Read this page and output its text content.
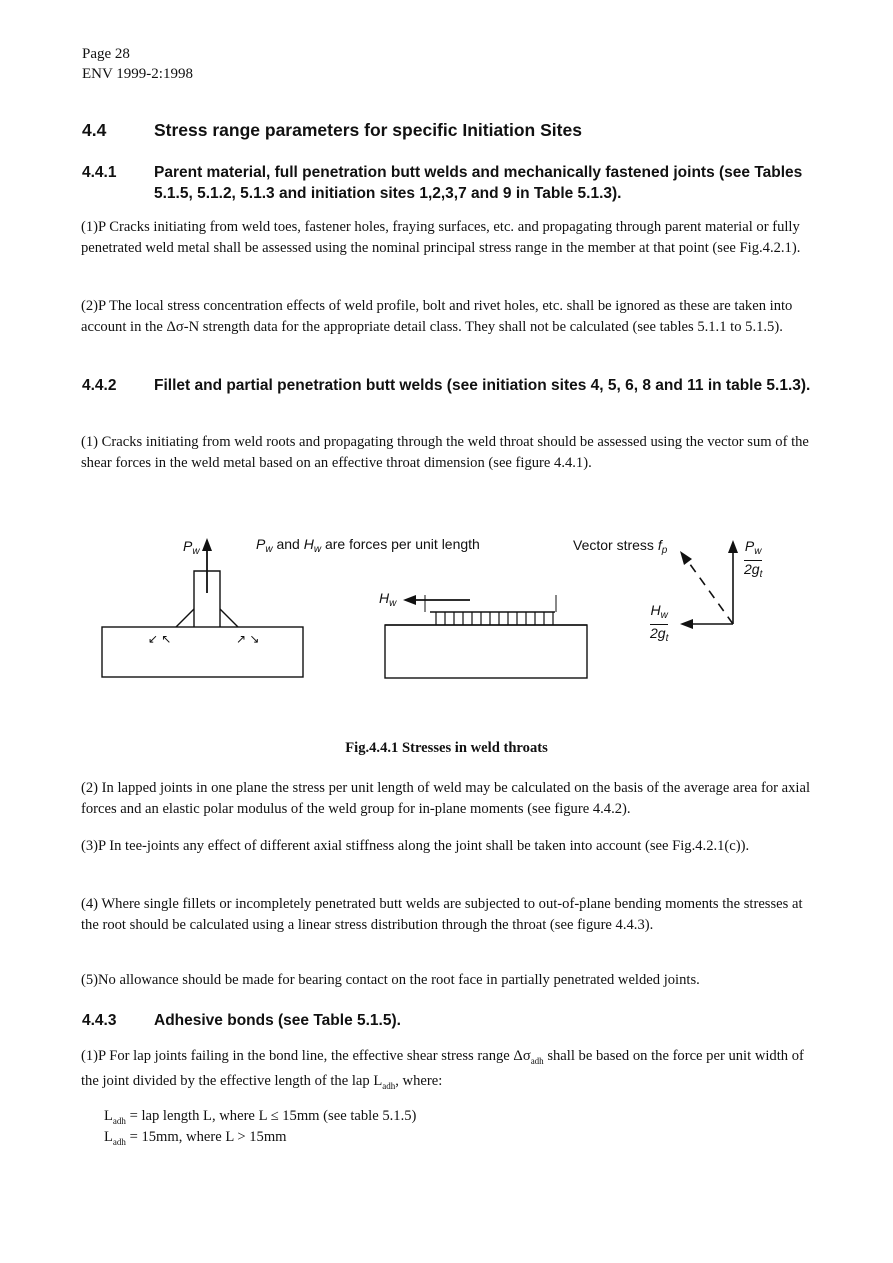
Page 28
ENV 1999-2:1998
4.4	Stress range parameters for specific Initiation Sites
4.4.1 Parent material, full penetration butt welds and mechanically fastened joints (see Tables 5.1.5, 5.1.2, 5.1.3 and initiation sites 1,2,3,7 and 9 in Table 5.1.3).
(1)P Cracks initiating from weld toes, fastener holes, fraying surfaces, etc. and propagating through parent material or fully penetrated weld metal shall be assessed using the nominal principal stress range in the member at that point (see Fig.4.2.1).
(2)P The local stress concentration effects of weld profile, bolt and rivet holes, etc. shall be ignored as these are taken into account in the Δσ-N strength data for the appropriate detail class. They shall not be calculated (see tables 5.1.1 to 5.1.5).
4.4.2 Fillet and partial penetration butt welds (see initiation sites 4, 5, 6, 8 and 11 in table 5.1.3).
(1) Cracks initiating from weld roots and propagating through the weld throat should be assessed using the vector sum of the shear forces in the weld metal based on an effective throat dimension (see figure 4.4.1).
↙ ↖	↗ ↘
$P_w$	$P_w$ and $H_w$ are forces per unit length
$H_w$
Vector stress $f_p$	$\frac{P_w}{2g_t}$
$\frac{H_w}{2g_t}$
Fig.4.4.1 Stresses in weld throats
(2) In lapped joints in one plane the stress per unit length of weld may be calculated on the basis of the average area for axial forces and an elastic polar modulus of the weld group for in-plane moments (see figure 4.4.2).
(3)P In tee-joints any effect of different axial stiffness along the joint shall be taken into account (see Fig.4.2.1(c)).
(4) Where single fillets or incompletely penetrated butt welds are subjected to out-of-plane bending moments the stresses at the root should be calculated using a linear stress distribution through the throat (see figure 4.4.3).
(5)No allowance should be made for bearing contact on the root face in partially penetrated welded joints.
4.4.3 Adhesive bonds (see Table 5.1.5).
(1)P For lap joints failing in the bond line, the effective shear stress range $\Delta\sigma_{adh}$ shall be based on the force per unit width of the joint divided by the effective length of the lap $L_{adh}$, where:
$L_{adh}$ = lap length L, where L ≤ 15mm (see table 5.1.5)
$L_{adh} = 15mm$, where L > 15mm
